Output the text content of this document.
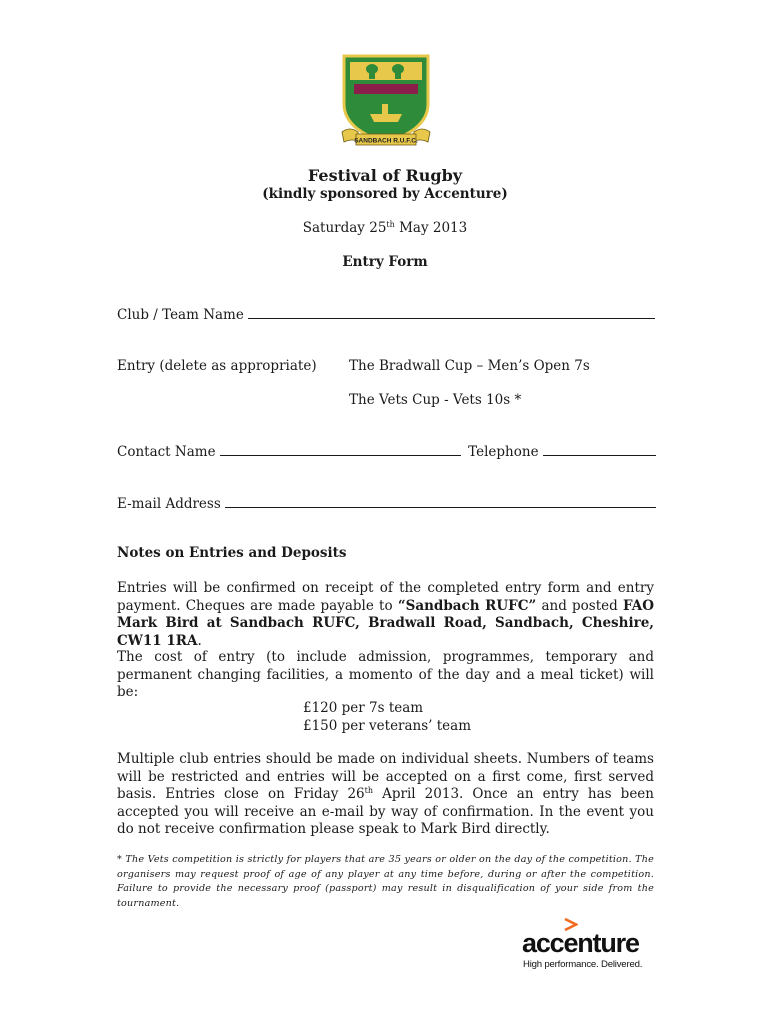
SANDBACH R.U.F.C.
Festival of Rugby
(kindly sponsored by Accenture)
Saturday 25th May 2013
Entry Form
Club / Team Name
Entry (delete as appropriate) The Bradwall Cup – Men’s Open 7s
The Vets Cup - Vets 10s *
Contact Name	Telephone
E-mail Address
Notes on Entries and Deposits

Entries will be confirmed on receipt of the completed entry form and entry payment. Cheques are made payable to “Sandbach RUFC” and posted FAO Mark Bird at Sandbach RUFC, Bradwall Road, Sandbach, Cheshire, CW11 1RA.

The cost of entry (to include admission, programmes, temporary and permanent changing facilities, a momento of the day and a meal ticket) will be:

£120 per 7s team
£150 per veterans’ team

Multiple club entries should be made on individual sheets. Numbers of teams will be restricted and entries will be accepted on a first come, first served basis. Entries close on Friday 26th April 2013. Once an entry has been accepted you will receive an e-mail by way of confirmation. In the event you do not receive confirmation please speak to Mark Bird directly.

* The Vets competition is strictly for players that are 35 years or older on the day of the competition. The organisers may request proof of age of any player at any time before, during or after the competition. Failure to provide the necessary proof (passport) may result in disqualification of your side from the tournament.

accenture
High performance. Delivered.
